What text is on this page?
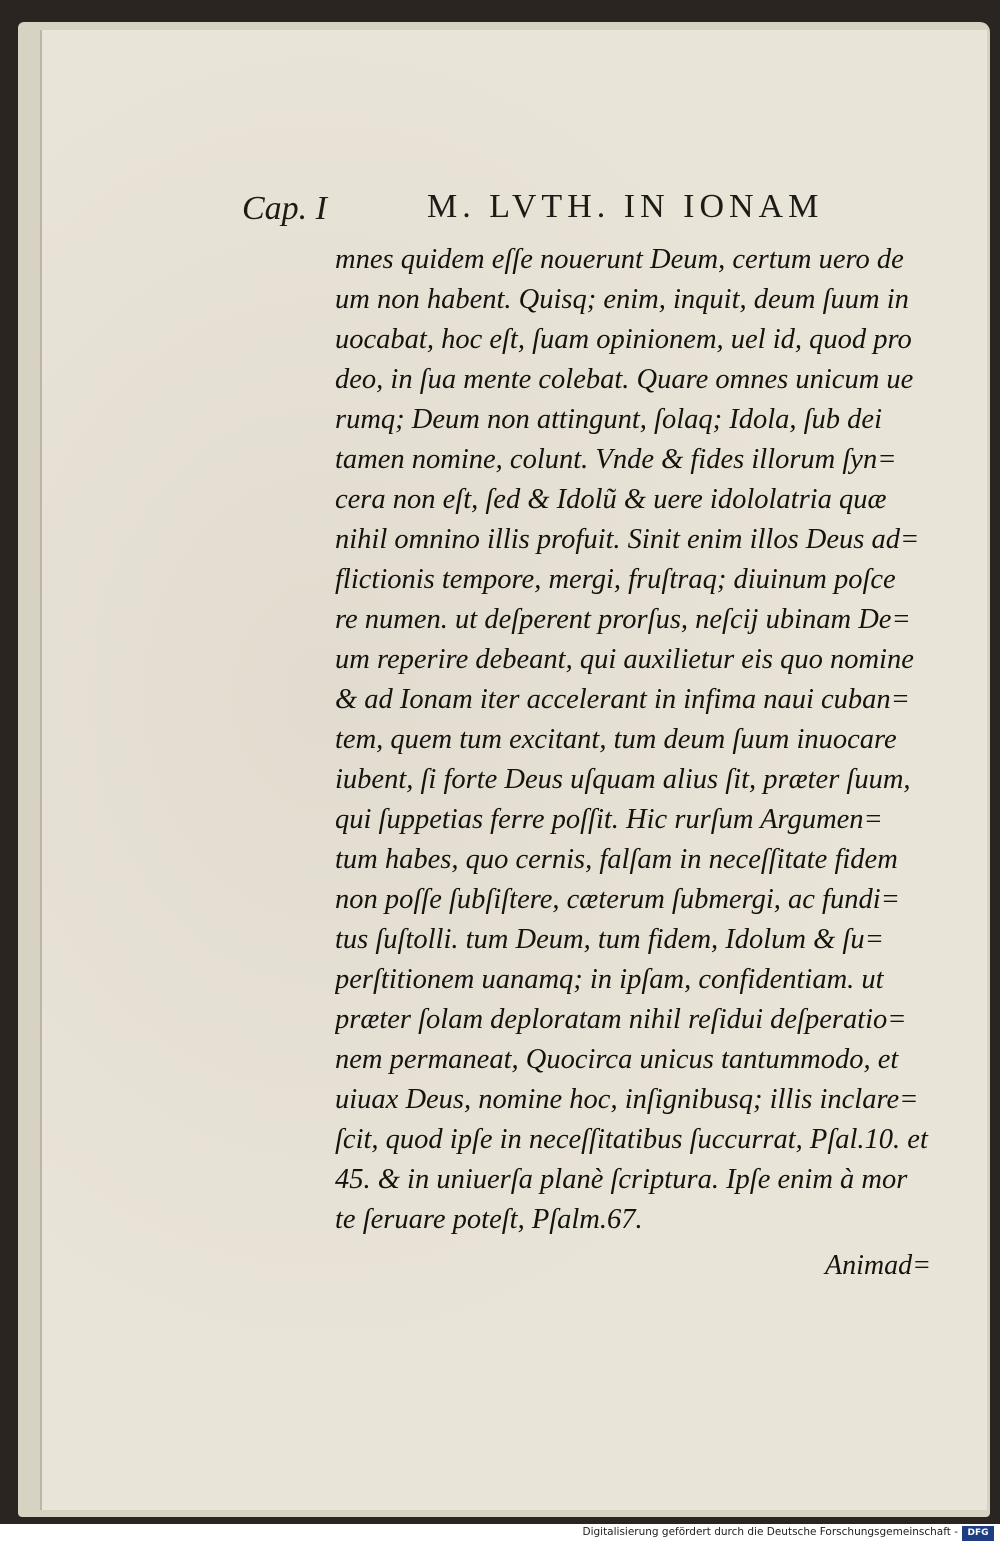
Cap. I	M. LVTH. IN IONAM
mnes quidem eſſe nouerunt Deum, certum uero de
um non habent. Quisq; enim, inquit, deum ſuum in
uocabat, hoc eſt, ſuam opinionem, uel id, quod pro
deo, in ſua mente colebat. Quare omnes unicum ue
rumq; Deum non attingunt, ſolaq; Idola, ſub dei
tamen nomine, colunt. Vnde & fides illorum ſyn=
cera non eſt, ſed & Idolũ & uere idololatria quæ
nihil omnino illis profuit. Sinit enim illos Deus ad=
flictionis tempore, mergi, fruſtraq; diuinum poſce
re numen. ut deſperent prorſus, neſcij ubinam De=
um reperire debeant, qui auxilietur eis quo nomine
& ad Ionam iter accelerant in infima naui cuban=
tem, quem tum excitant, tum deum ſuum inuocare
iubent, ſi forte Deus uſquam alius ſit, præter ſuum,
qui ſuppetias ferre poſſit. Hic rurſum Argumen=
tum habes, quo cernis, falſam in neceſſitate fidem
non poſſe ſubſiſtere, cæterum ſubmergi, ac fundi=
tus ſuſtolli. tum Deum, tum fidem, Idolum & ſu=
perſtitionem uanamq; in ipſam, confidentiam. ut
præter ſolam deploratam nihil reſidui deſperatio=
nem permaneat, Quocirca unicus tantummodo, et
uiuax Deus, nomine hoc, inſignibusq; illis inclare=
ſcit, quod ipſe in neceſſitatibus ſuccurrat, Pſal.10. et
45. & in uniuerſa planè ſcriptura. Ipſe enim à mor
te ſeruare poteſt, Pſalm.67.
Animad=
Digitalisierung gefördert durch die Deutsche Forschungsgemeinschaft -	DFG
